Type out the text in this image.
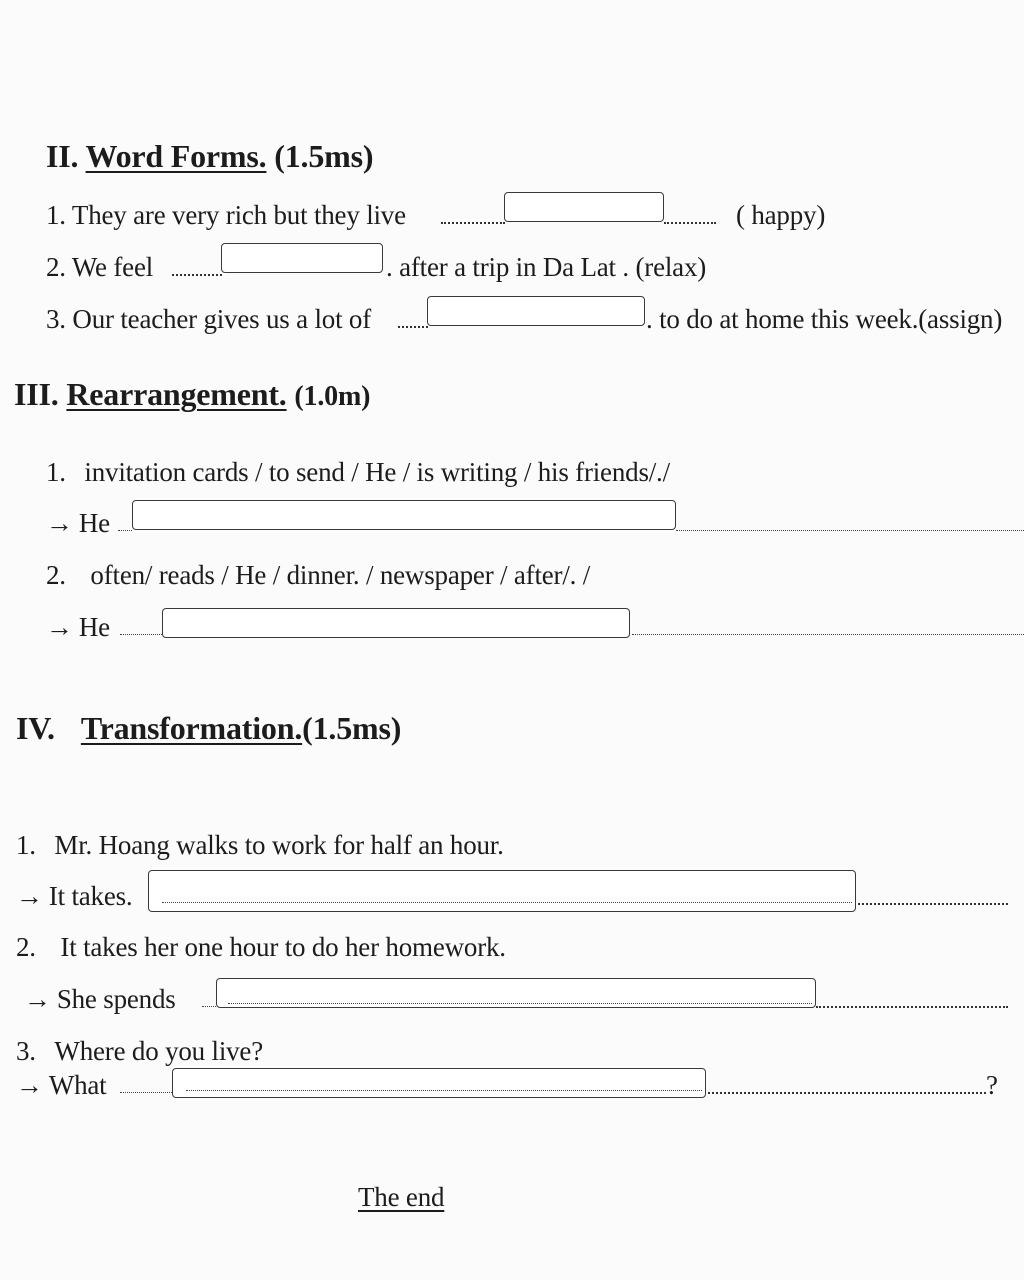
II. Word Forms. (1.5ms)
1. They are very rich but they live	( happy)
2. We feel	. after a trip in Da Lat . (relax)
3. Our teacher gives us a lot of	. to do at home this week.(assign)
III. Rearrangement. (1.0m)
1. invitation cards / to send / He / is writing / his friends/./
→ He
2. often/ reads / He / dinner. / newspaper / after/. /
→ He
IV. Transformation.(1.5ms)
1. Mr. Hoang walks to work for half an hour.
→ It takes.
2. It takes her one hour to do her homework.
→ She spends
3. Where do you live?
→ What	?
The end
